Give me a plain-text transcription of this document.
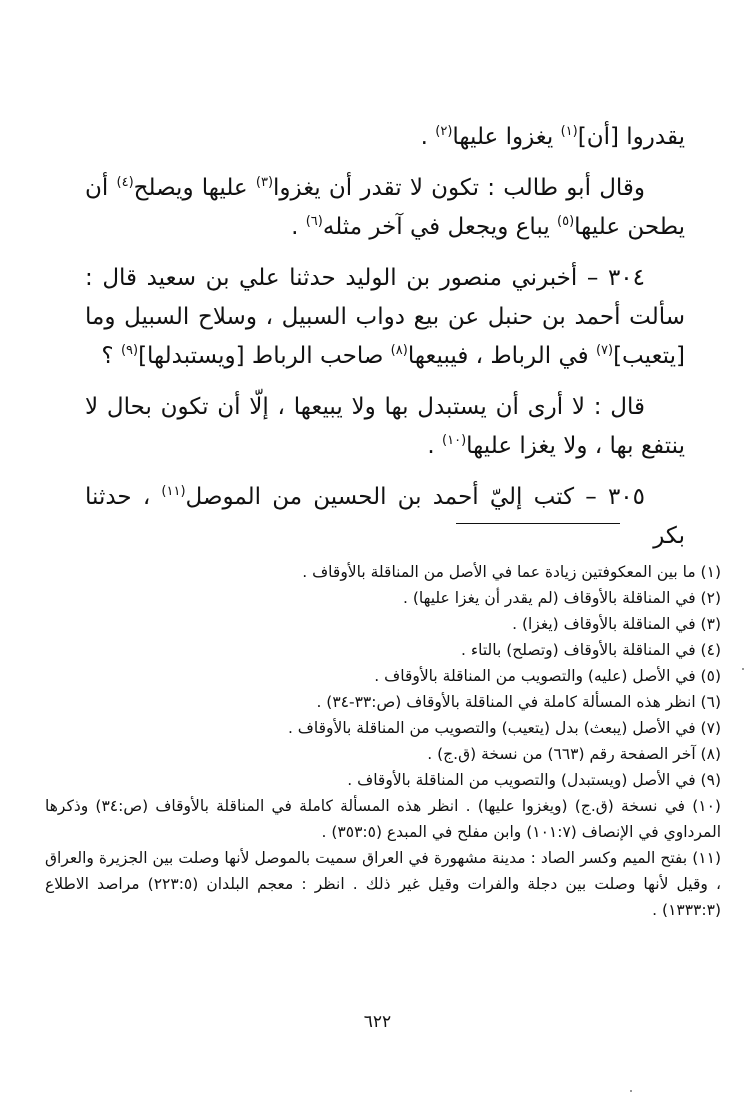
يقدروا [أن]$^{(١)}$ يغزوا عليها$^{(٢)}$ .

وقال أبو طالب : تكون لا تقدر أن يغزوا$^{(٣)}$ عليها ويصلح$^{(٤)}$ أن يطحن عليها$^{(٥)}$ يباع ويجعل في آخر مثله$^{(٦)}$ .

٣٠٤ – أخبرني منصور بن الوليد حدثنا علي بن سعيد قال : سألت أحمد بن حنبل عن بيع دواب السبيل ، وسلاح السبيل وما [يتعيب]$^{(٧)}$ في الرباط ، فيبيعها$^{(٨)}$ صاحب الرباط [ويستبدلها]$^{(٩)}$ ؟

قال : لا أرى أن يستبدل بها ولا يبيعها ، إلّا أن تكون بحال لا ينتفع بها ، ولا يغزا عليها$^{(١٠)}$ .

٣٠٥ – كتب إليّ أحمد بن الحسين من الموصل$^{(١١)}$ ، حدثنا بكر

(١) ما بين المعكوفتين زيادة عما في الأصل من المناقلة بالأوقاف .

(٢) في المناقلة بالأوقاف (لم يقدر أن يغزا عليها) .

(٣) في المناقلة بالأوقاف (يغزا) .

(٤) في المناقلة بالأوقاف (وتصلح) بالتاء .

(٥) في الأصل (عليه) والتصويب من المناقلة بالأوقاف .

(٦) انظر هذه المسألة كاملة في المناقلة بالأوقاف (ص:٣٣-٣٤) .

(٧) في الأصل (يبعث) بدل (يتعيب) والتصويب من المناقلة بالأوقاف .

(٨) آخر الصفحة رقم (٦٦٣) من نسخة (ق.ج) .

(٩) في الأصل (ويستبدل) والتصويب من المناقلة بالأوقاف .

(١٠) في نسخة (ق.ج) (ويغزوا عليها) . انظر هذه المسألة كاملة في المناقلة بالأوقاف (ص:٣٤) وذكرها المرداوي في الإنصاف (١٠١:٧) وابن مفلح في المبدع (٣٥٣:٥) .

(١١) بفتح الميم وكسر الصاد : مدينة مشهورة في العراق سميت بالموصل لأنها وصلت بين الجزيرة والعراق ، وقيل لأنها وصلت بين دجلة والفرات وقيل غير ذلك . انظر : معجم البلدان (٢٢٣:٥) مراصد الاطلاع (١٣٣٣:٣) .

٦٢٢
